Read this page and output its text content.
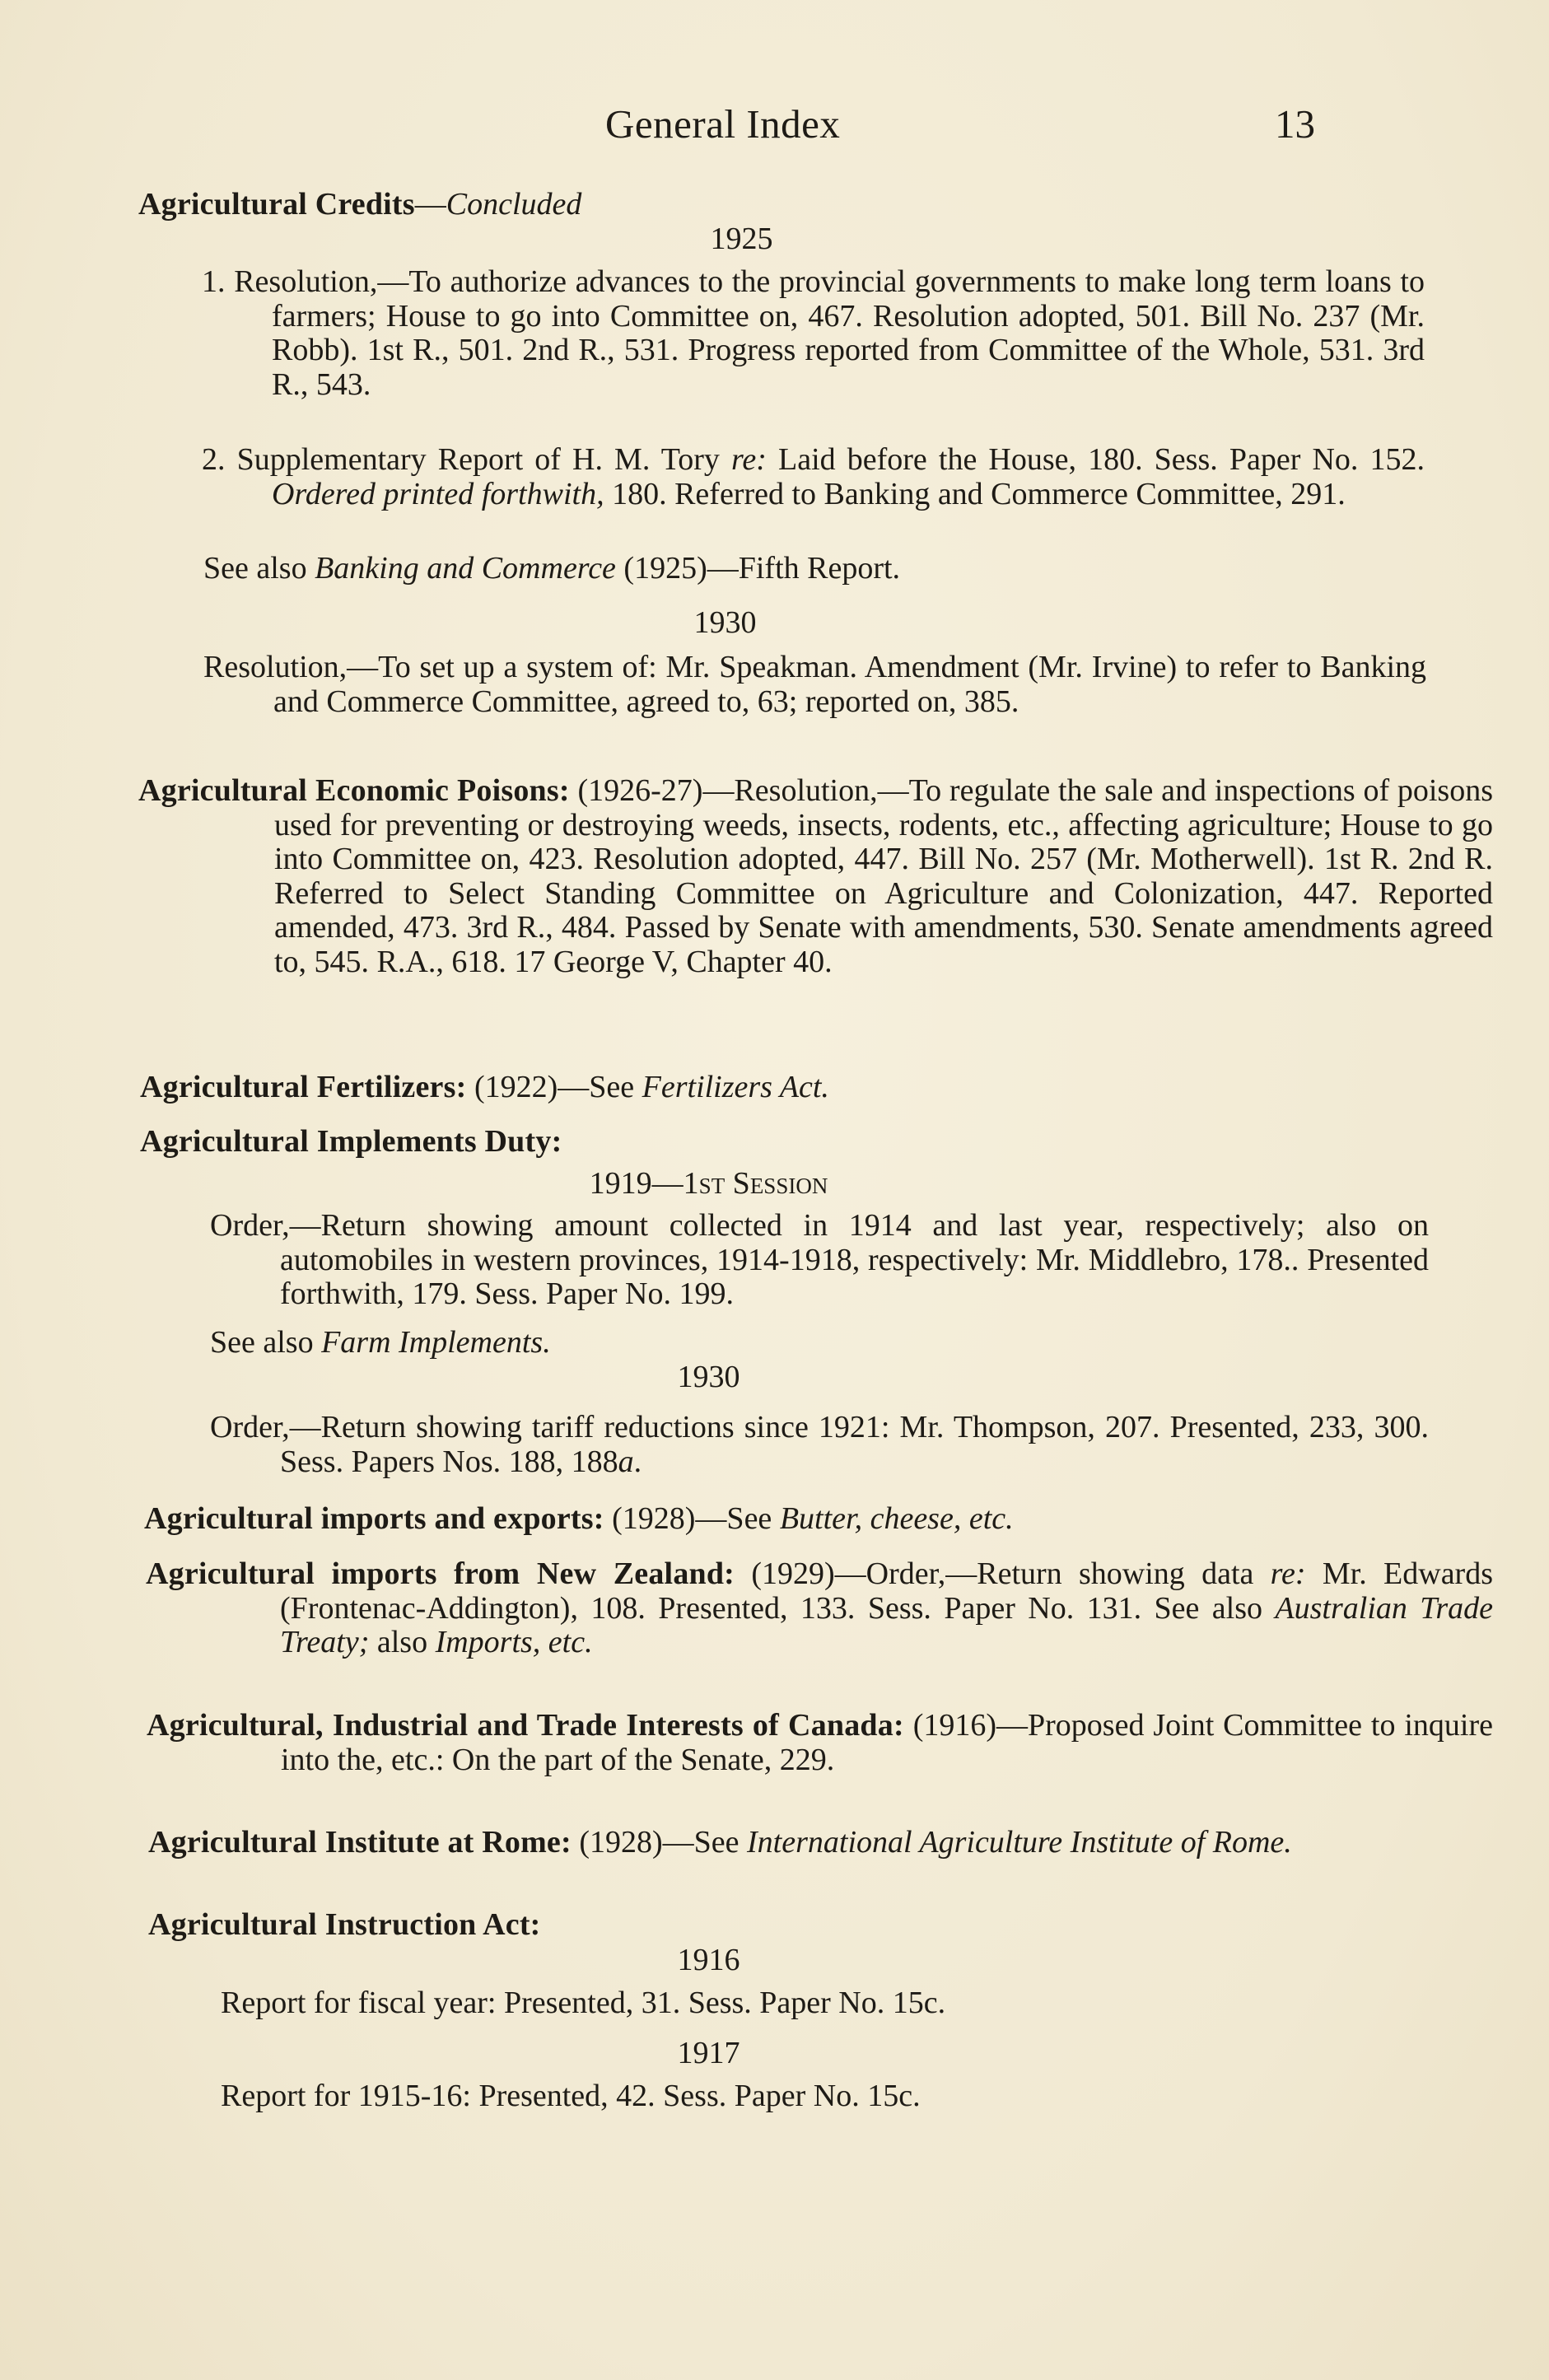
General Index	13
Agricultural Credits—Concluded
1925
1. Resolution,—To authorize advances to the provincial governments to make long term loans to farmers; House to go into Committee on, 467. Resolution adopted, 501. Bill No. 237 (Mr. Robb). 1st R., 501. 2nd R., 531. Progress reported from Committee of the Whole, 531. 3rd R., 543.
2. Supplementary Report of H. M. Tory re: Laid before the House, 180. Sess. Paper No. 152. Ordered printed forthwith, 180. Referred to Banking and Commerce Committee, 291.
See also Banking and Commerce (1925)—Fifth Report.
1930
Resolution,—To set up a system of: Mr. Speakman. Amendment (Mr. Irvine) to refer to Banking and Commerce Committee, agreed to, 63; reported on, 385.
Agricultural Economic Poisons: (1926-27)—Resolution,—To regulate the sale and inspections of poisons used for preventing or destroying weeds, insects, rodents, etc., affecting agriculture; House to go into Committee on, 423. Resolution adopted, 447. Bill No. 257 (Mr. Motherwell). 1st R. 2nd R. Referred to Select Standing Committee on Agriculture and Colonization, 447. Reported amended, 473. 3rd R., 484. Passed by Senate with amendments, 530. Senate amendments agreed to, 545. R.A., 618. 17 George V, Chapter 40.
Agricultural Fertilizers: (1922)—See Fertilizers Act.
Agricultural Implements Duty:
1919—1st Session
Order,—Return showing amount collected in 1914 and last year, respectively; also on automobiles in western provinces, 1914-1918, respectively: Mr. Middlebro, 178.. Presented forthwith, 179. Sess. Paper No. 199.
See also Farm Implements.
1930
Order,—Return showing tariff reductions since 1921: Mr. Thompson, 207. Presented, 233, 300. Sess. Papers Nos. 188, 188a.
Agricultural imports and exports: (1928)—See Butter, cheese, etc.
Agricultural imports from New Zealand: (1929)—Order,—Return showing data re: Mr. Edwards (Frontenac-Addington), 108. Presented, 133. Sess. Paper No. 131. See also Australian Trade Treaty; also Imports, etc.
Agricultural, Industrial and Trade Interests of Canada: (1916)—Proposed Joint Committee to inquire into the, etc.: On the part of the Senate, 229.
Agricultural Institute at Rome: (1928)—See International Agriculture Institute of Rome.
Agricultural Instruction Act:
1916
Report for fiscal year: Presented, 31. Sess. Paper No. 15c.
1917
Report for 1915-16: Presented, 42. Sess. Paper No. 15c.
